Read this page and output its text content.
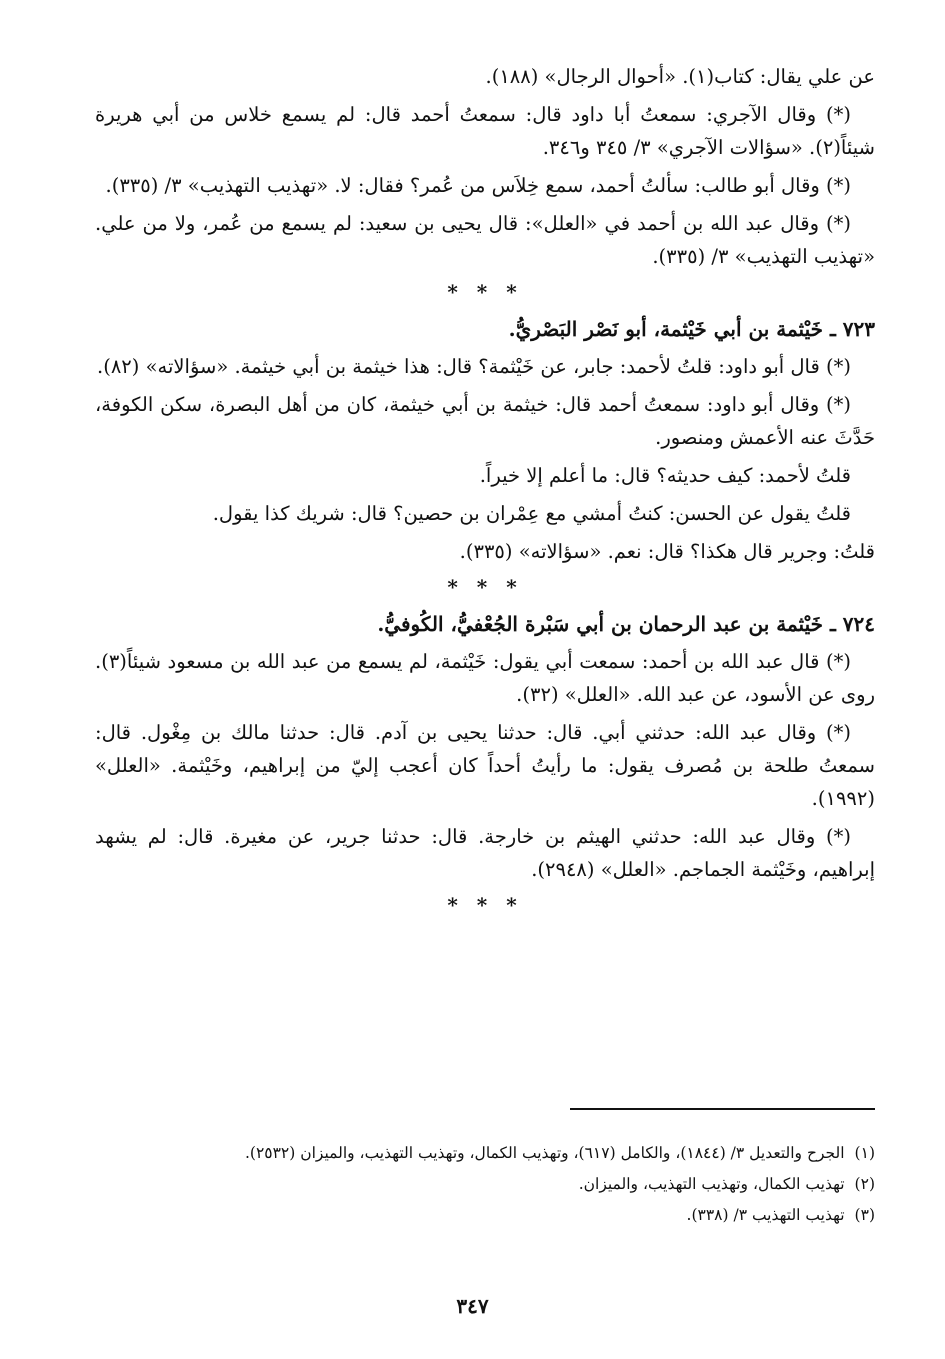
عن علي يقال: كتاب(١). «أحوال الرجال» (١٨٨).

(*) وقال الآجري: سمعتُ أبا داود قال: سمعتُ أحمد قال: لم يسمع خلاس من أبي هريرة شيئاً(٢). «سؤالات الآجري» ٣/ ٣٤٥ و٣٤٦.

(*) وقال أبو طالب: سألتُ أحمد، سمع خِلاَس من عُمر؟ فقال: لا. «تهذيب التهذيب» ٣/ (٣٣٥).

(*) وقال عبد الله بن أحمد في «العلل»: قال يحيى بن سعيد: لم يسمع من عُمر، ولا من علي. «تهذيب التهذيب» ٣/ (٣٣٥).

* * *

٧٢٣ ـ خَيْثمة بن أبي خَيْثمة، أبو نَصْر البَصْريُّ.

(*) قال أبو داود: قلتُ لأحمد: جابر، عن خَيْثمة؟ قال: هذا خيثمة بن أبي خيثمة. «سؤالاته» (٨٢).

(*) وقال أبو داود: سمعتُ أحمد قال: خيثمة بن أبي خيثمة، كان من أهل البصرة، سكن الكوفة، حَدَّثَ عنه الأعمش ومنصور.

قلتُ لأحمد: كيف حديثه؟ قال: ما أعلم إلا خيراً.

قلتُ يقول عن الحسن: كنتُ أمشي مع عِمْران بن حصين؟ قال: شريك كذا يقول.

قلتُ: وجرير قال هكذا؟ قال: نعم. «سؤالاته» (٣٣٥).

* * *

٧٢٤ ـ خَيْثمة بن عبد الرحمان بن أبي سَبْرة الجُعْفيُّ، الكُوفيُّ.

(*) قال عبد الله بن أحمد: سمعت أبي يقول: خَيْثمة، لم يسمع من عبد الله بن مسعود شيئاً(٣). روى عن الأسود، عن عبد الله. «العلل» (٣٢).

(*) وقال عبد الله: حدثني أبي. قال: حدثنا يحيى بن آدم. قال: حدثنا مالك بن مِغْول. قال: سمعتُ طلحة بن مُصرف يقول: ما رأيتُ أحداً كان أعجب إليّ من إبراهيم، وخَيْثمة. «العلل» (١٩٩٢).

(*) وقال عبد الله: حدثني الهيثم بن خارجة. قال: حدثنا جرير، عن مغيرة. قال: لم يشهد إبراهيم، وخَيْثمة الجماجم. «العلل» (٢٩٤٨).

* * *

(١)الجرح والتعديل ٣/ (١٨٤٤)، والكامل (٦١٧)، وتهذيب الكمال، وتهذيب التهذيب، والميزان (٢٥٣٢).

(٢)تهذيب الكمال، وتهذيب التهذيب، والميزان.

(٣)تهذيب التهذيب ٣/ (٣٣٨).

٣٤٧
